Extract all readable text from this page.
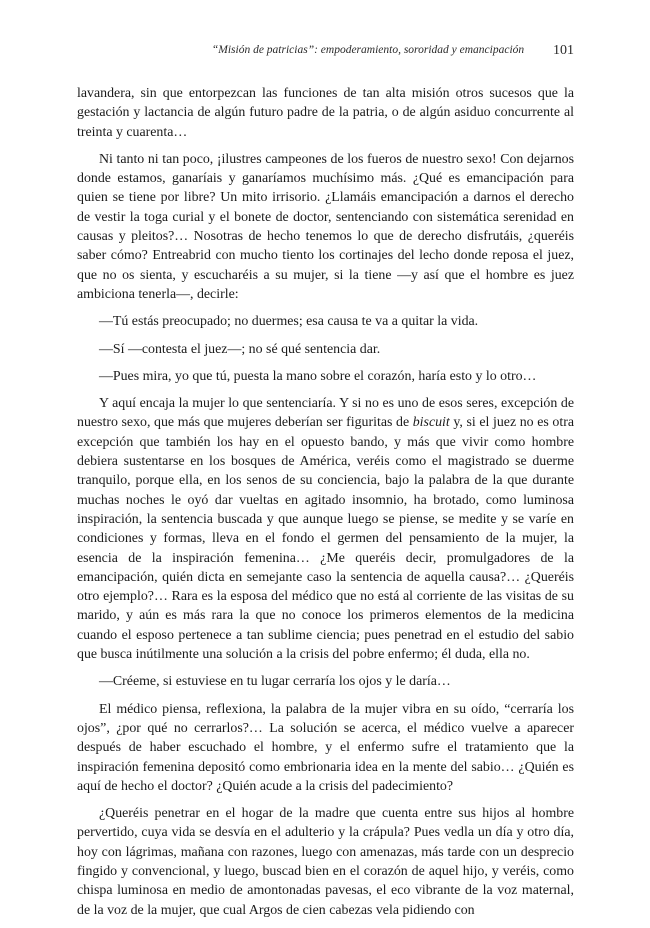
“Misión de patricias”: empoderamiento, sororidad y emancipación	101

lavandera, sin que entorpezcan las funciones de tan alta misión otros sucesos que la gestación y lactancia de algún futuro padre de la patria, o de algún asiduo concurrente al treinta y cuarenta…

Ni tanto ni tan poco, ¡ilustres campeones de los fueros de nuestro sexo! Con dejarnos donde estamos, ganaríais y ganaríamos muchísimo más. ¿Qué es emancipación para quien se tiene por libre? Un mito irrisorio. ¿Llamáis emancipación a darnos el derecho de vestir la toga curial y el bonete de doctor, sentenciando con sistemática serenidad en causas y pleitos?… Nosotras de hecho tenemos lo que de derecho disfrutáis, ¿queréis saber cómo? Entreabrid con mucho tiento los cortinajes del lecho donde reposa el juez, que no os sienta, y escucharéis a su mujer, si la tiene —y así que el hombre es juez ambiciona tenerla—, decirle:

—Tú estás preocupado; no duermes; esa causa te va a quitar la vida.

—Sí —contesta el juez—; no sé qué sentencia dar.

—Pues mira, yo que tú, puesta la mano sobre el corazón, haría esto y lo otro…

Y aquí encaja la mujer lo que sentenciaría. Y si no es uno de esos seres, excepción de nuestro sexo, que más que mujeres deberían ser figuritas de biscuit y, si el juez no es otra excepción que también los hay en el opuesto bando, y más que vivir como hombre debiera sustentarse en los bosques de América, veréis como el magistrado se duerme tranquilo, porque ella, en los senos de su conciencia, bajo la palabra de la que durante muchas noches le oyó dar vueltas en agitado insomnio, ha brotado, como luminosa inspiración, la sentencia buscada y que aunque luego se piense, se medite y se varíe en condiciones y formas, lleva en el fondo el germen del pensamiento de la mujer, la esencia de la inspiración femenina… ¿Me queréis decir, promulgadores de la emancipación, quién dicta en semejante caso la sentencia de aquella causa?… ¿Queréis otro ejemplo?… Rara es la esposa del médico que no está al corriente de las visitas de su marido, y aún es más rara la que no conoce los primeros elementos de la medicina cuando el esposo pertenece a tan sublime ciencia; pues penetrad en el estudio del sabio que busca inútilmente una solución a la crisis del pobre enfermo; él duda, ella no.

—Créeme, si estuviese en tu lugar cerraría los ojos y le daría…

El médico piensa, reflexiona, la palabra de la mujer vibra en su oído, “cerraría los ojos”, ¿por qué no cerrarlos?… La solución se acerca, el médico vuelve a aparecer después de haber escuchado el hombre, y el enfermo sufre el tratamiento que la inspiración femenina depositó como embrionaria idea en la mente del sabio… ¿Quién es aquí de hecho el doctor? ¿Quién acude a la crisis del padecimiento?

¿Queréis penetrar en el hogar de la madre que cuenta entre sus hijos al hombre pervertido, cuya vida se desvía en el adulterio y la crápula? Pues vedla un día y otro día, hoy con lágrimas, mañana con razones, luego con amenazas, más tarde con un desprecio fingido y convencional, y luego, buscad bien en el corazón de aquel hijo, y veréis, como chispa luminosa en medio de amontonadas pavesas, el eco vibrante de la voz maternal, de la voz de la mujer, que cual Argos de cien cabezas vela pidiendo con
